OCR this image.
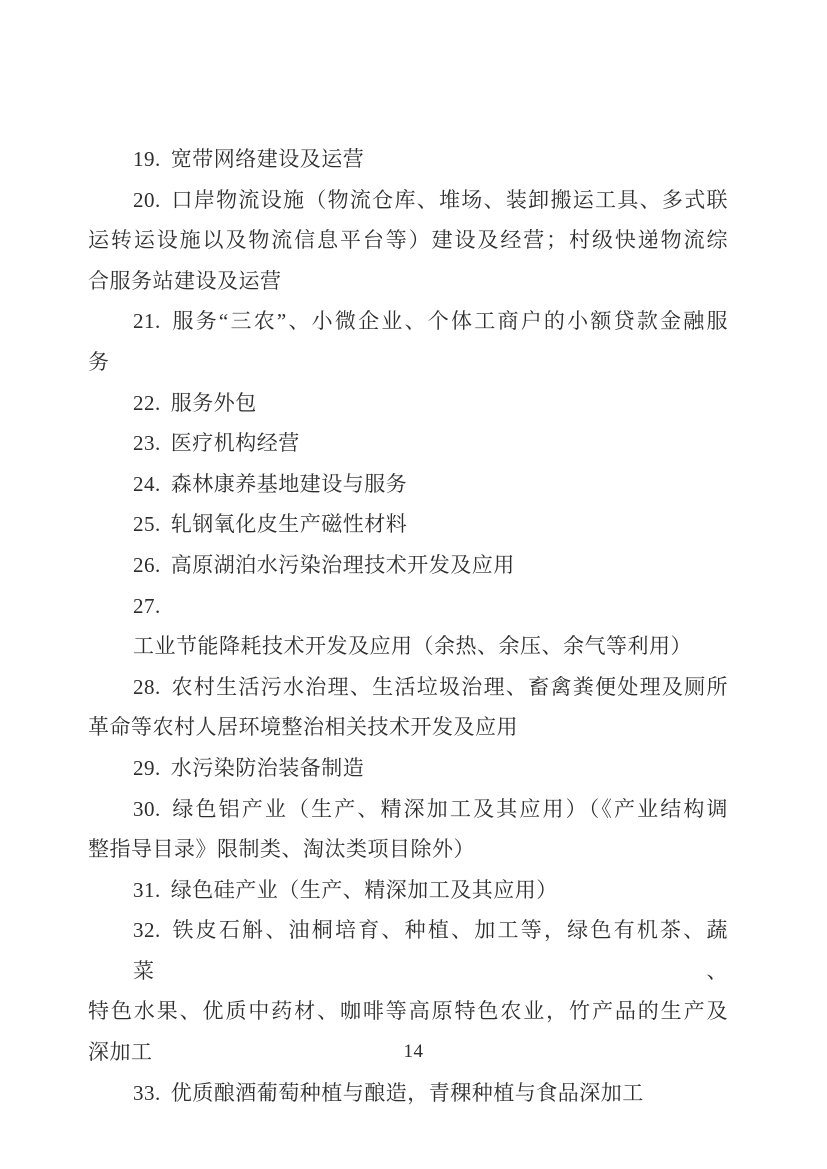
19. 宽带网络建设及运营
20. 口岸物流设施（物流仓库、堆场、装卸搬运工具、多式联
运转运设施以及物流信息平台等）建设及经营；村级快递物流综
合服务站建设及运营
21. 服务“三农”、小微企业、个体工商户的小额贷款金融服
务
22. 服务外包
23. 医疗机构经营
24. 森林康养基地建设与服务
25. 轧钢氧化皮生产磁性材料
26. 高原湖泊水污染治理技术开发及应用
27.工业节能降耗技术开发及应用（余热、余压、余气等利用）
28. 农村生活污水治理、生活垃圾治理、畜禽粪便处理及厕所
革命等农村人居环境整治相关技术开发及应用
29. 水污染防治装备制造
30. 绿色铝产业（生产、精深加工及其应用）（《产业结构调
整指导目录》限制类、淘汰类项目除外）
31. 绿色硅产业（生产、精深加工及其应用）
32. 铁皮石斛、油桐培育、种植、加工等，绿色有机茶、蔬菜、
特色水果、优质中药材、咖啡等高原特色农业，竹产品的生产及
深加工
33. 优质酿酒葡萄种植与酿造，青稞种植与食品深加工
14
